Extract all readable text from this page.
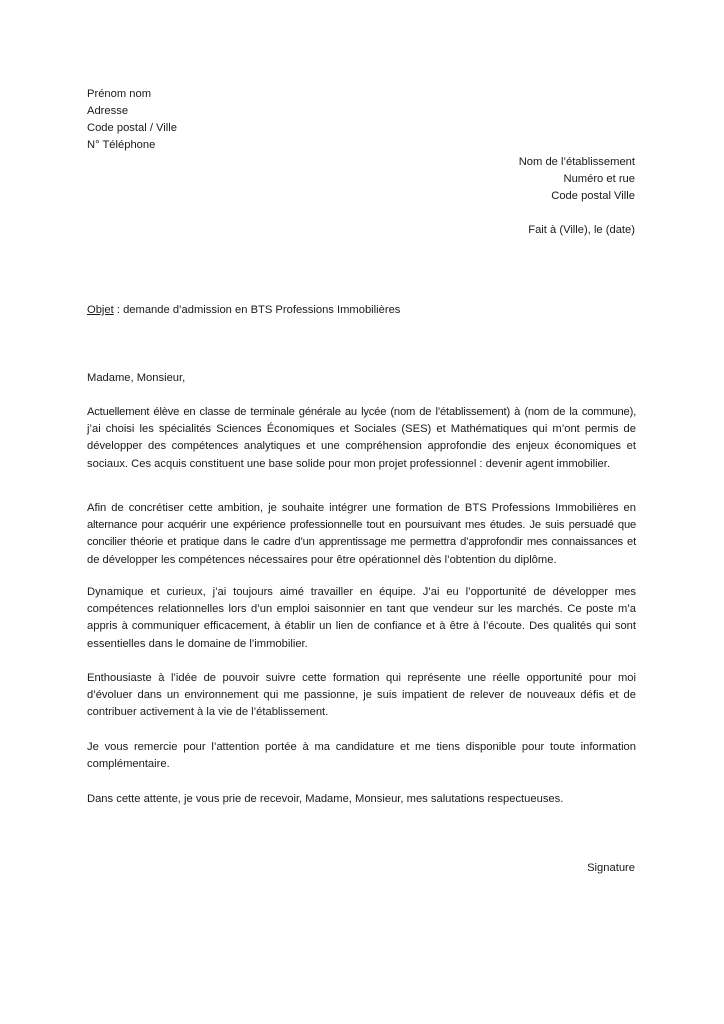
Prénom nom
Adresse
Code postal / Ville
N° Téléphone
Nom de l’établissement
Numéro et rue
Code postal Ville
Fait à (Ville), le (date)
Objet : demande d’admission en BTS Professions Immobilières
Madame, Monsieur,
Actuellement élève en classe de terminale générale au lycée (nom de l’établissement) à (nom de la commune),
j’ai choisi les spécialités Sciences Économiques et Sociales (SES) et Mathématiques qui m’ont permis de
développer des compétences analytiques et une compréhension approfondie des enjeux économiques et
sociaux. Ces acquis constituent une base solide pour mon projet professionnel : devenir agent immobilier.
Afin de concrétiser cette ambition, je souhaite intégrer une formation de BTS Professions Immobilières en
alternance pour acquérir une expérience professionnelle tout en poursuivant mes études. Je suis persuadé que
concilier théorie et pratique dans le cadre d’un apprentissage me permettra d’approfondir mes connaissances et
de développer les compétences nécessaires pour être opérationnel dès l’obtention du diplôme.
Dynamique et curieux, j’ai toujours aimé travailler en équipe. J’ai eu l’opportunité de développer mes
compétences relationnelles lors d’un emploi saisonnier en tant que vendeur sur les marchés. Ce poste m’a
appris à communiquer efficacement, à établir un lien de confiance et à être à l’écoute. Des qualités qui sont
essentielles dans le domaine de l’immobilier.
Enthousiaste à l’idée de pouvoir suivre cette formation qui représente une réelle opportunité pour moi
d’évoluer dans un environnement qui me passionne, je suis impatient de relever de nouveaux défis et de
contribuer activement à la vie de l’établissement.
Je vous remercie pour l’attention portée à ma candidature et me tiens disponible pour toute information
complémentaire.
Dans cette attente, je vous prie de recevoir, Madame, Monsieur, mes salutations respectueuses.
Signature
